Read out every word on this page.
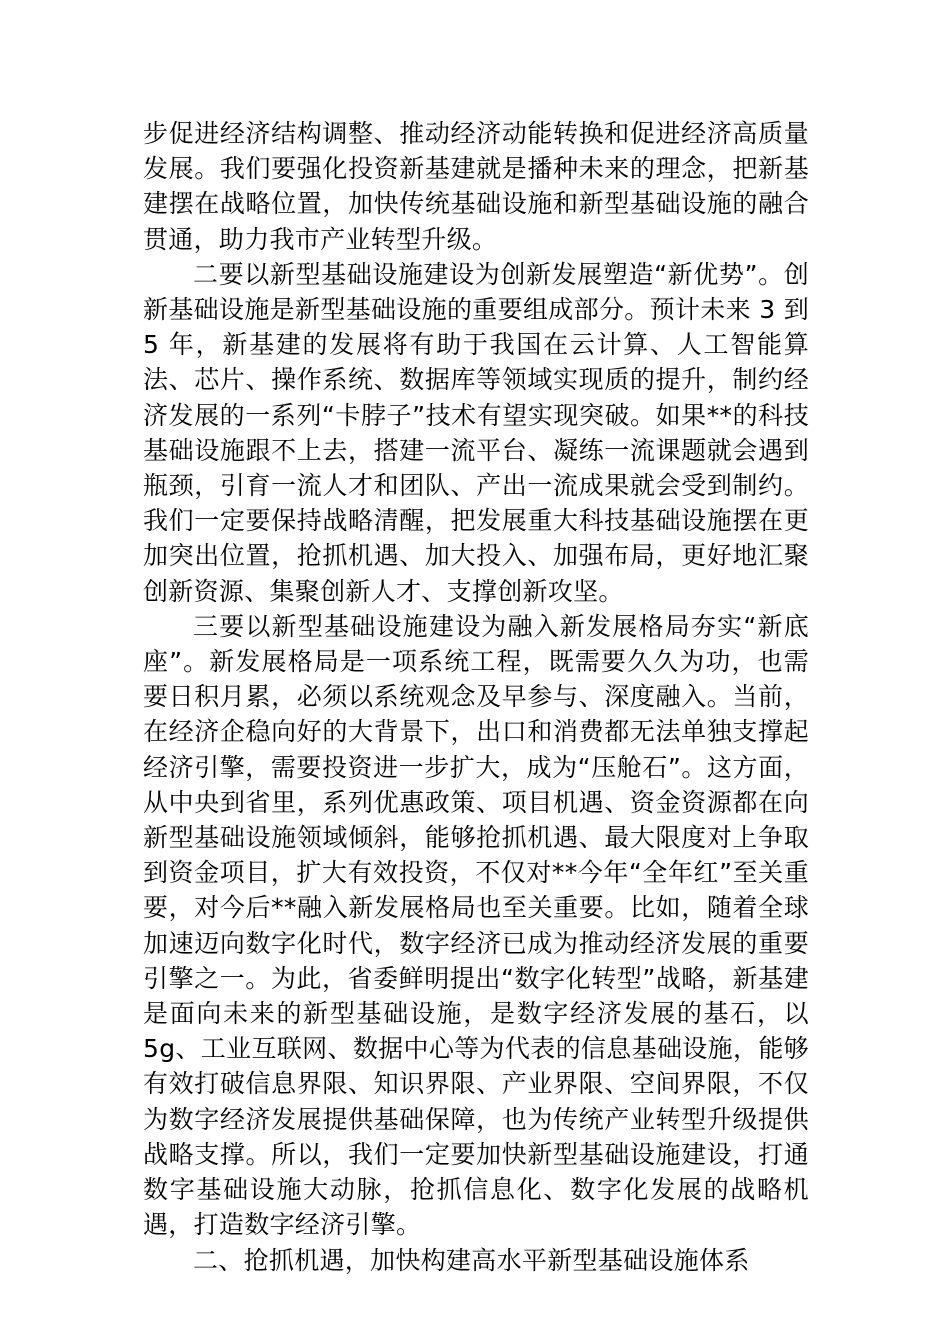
步促进经济结构调整、推动经济动能转换和促进经济高质量发展。我们要强化投资新基建就是播种未来的理念，把新基建摆在战略位置，加快传统基础设施和新型基础设施的融合贯通，助力我市产业转型升级。

二要以新型基础设施建设为创新发展塑造“新优势”。创新基础设施是新型基础设施的重要组成部分。预计未来 3 到 5 年，新基建的发展将有助于我国在云计算、人工智能算法、芯片、操作系统、数据库等领域实现质的提升，制约经济发展的一系列“卡脖子”技术有望实现突破。如果**的科技基础设施跟不上去，搭建一流平台、凝练一流课题就会遇到瓶颈，引育一流人才和团队、产出一流成果就会受到制约。我们一定要保持战略清醒，把发展重大科技基础设施摆在更加突出位置，抢抓机遇、加大投入、加强布局，更好地汇聚创新资源、集聚创新人才、支撑创新攻坚。

三要以新型基础设施建设为融入新发展格局夯实“新底座”。新发展格局是一项系统工程，既需要久久为功，也需要日积月累，必须以系统观念及早参与、深度融入。当前，在经济企稳向好的大背景下，出口和消费都无法单独支撑起经济引擎，需要投资进一步扩大，成为“压舱石”。这方面，从中央到省里，系列优惠政策、项目机遇、资金资源都在向新型基础设施领域倾斜，能够抢抓机遇、最大限度对上争取到资金项目，扩大有效投资，不仅对**今年“全年红”至关重要，对今后**融入新发展格局也至关重要。比如，随着全球加速迈向数字化时代，数字经济已成为推动经济发展的重要引擎之一。为此，省委鲜明提出“数字化转型”战略，新基建是面向未来的新型基础设施，是数字经济发展的基石，以 5g、工业互联网、数据中心等为代表的信息基础设施，能够有效打破信息界限、知识界限、产业界限、空间界限，不仅为数字经济发展提供基础保障，也为传统产业转型升级提供战略支撑。所以，我们一定要加快新型基础设施建设，打通数字基础设施大动脉，抢抓信息化、数字化发展的战略机遇，打造数字经济引擎。

二、抢抓机遇，加快构建高水平新型基础设施体系
